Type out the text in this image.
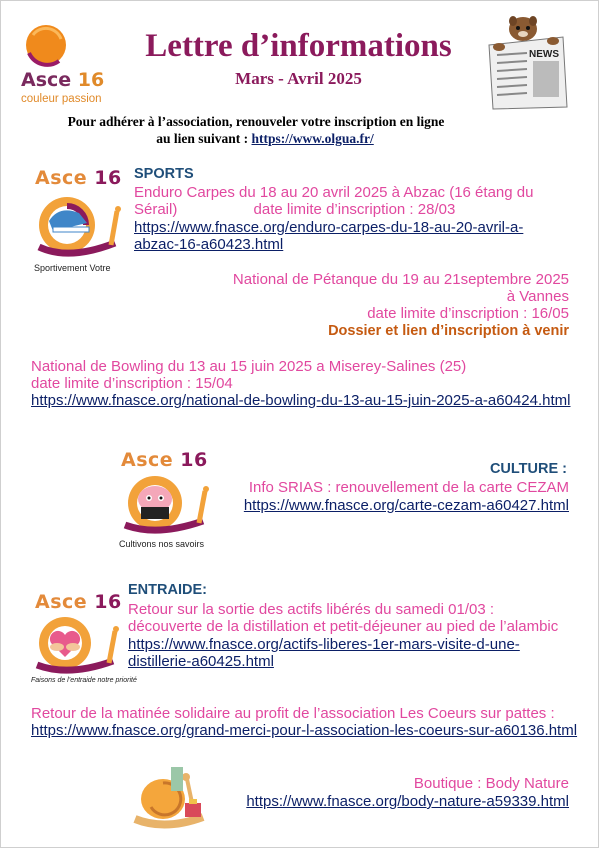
Asce 16
couleur passion
Lettre d’informations
Mars - Avril 2025
NEWS
Pour adhérer à l’association, renouveler votre inscription en ligne
au lien suivant : https://www.olgua.fr/
Asce 16
Sportivement Votre
SPORTS
Enduro Carpes du 18 au 20 avril 2025 à Abzac (16 étang du
Sérail)	date limite d’inscription : 28/03
https://www.fnasce.org/enduro-carpes-du-18-au-20-avril-a-
abzac-16-a60423.html
National de Pétanque du 19 au 21septembre 2025
à Vannes
date limite d’inscription : 16/05
Dossier et lien d’inscription à venir
National de Bowling du 13 au 15 juin 2025 a Miserey-Salines (25)
date limite d’inscription : 15/04
https://www.fnasce.org/national-de-bowling-du-13-au-15-juin-2025-a-a60424.html
Asce 16
Cultivons nos savoirs
CULTURE :
Info SRIAS : renouvellement de la carte CEZAM
https://www.fnasce.org/carte-cezam-a60427.html
Asce 16
Faisons de l’entraide notre priorité
ENTRAIDE:
Retour sur la sortie des actifs libérés du samedi 01/03 :
découverte de la distillation et petit-déjeuner au pied de l’alambic
https://www.fnasce.org/actifs-liberes-1er-mars-visite-d-une-
distillerie-a60425.html
Retour de la matinée solidaire au profit de l’association Les Coeurs sur pattes :
https://www.fnasce.org/grand-merci-pour-l-association-les-coeurs-sur-a60136.html
Boutique : Body Nature
https://www.fnasce.org/body-nature-a59339.html
